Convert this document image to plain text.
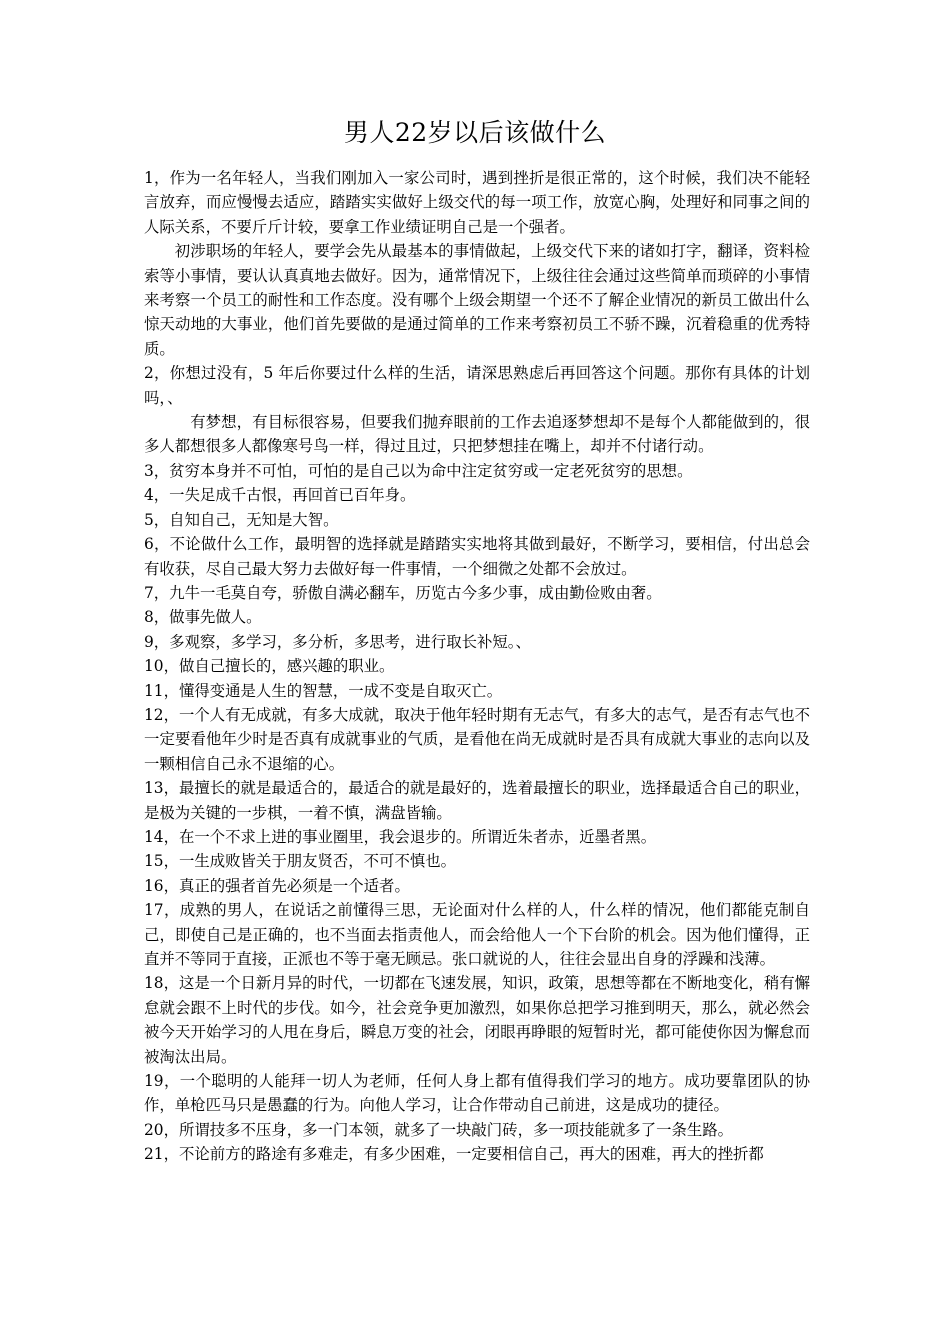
男人22岁以后该做什么

1，作为一名年轻人，当我们刚加入一家公司时，遇到挫折是很正常的，这个时候，我们决不能轻言放弃，而应慢慢去适应，踏踏实实做好上级交代的每一项工作，放宽心胸，处理好和同事之间的人际关系，不要斤斤计较，要拿工作业绩证明自己是一个强者。

初涉职场的年轻人，要学会先从最基本的事情做起，上级交代下来的诸如打字，翻译，资料检索等小事情，要认认真真地去做好。因为，通常情况下，上级往往会通过这些简单而琐碎的小事情来考察一个员工的耐性和工作态度。没有哪个上级会期望一个还不了解企业情况的新员工做出什么惊天动地的大事业，他们首先要做的是通过简单的工作来考察初员工不骄不躁，沉着稳重的优秀特质。

2，你想过没有，5 年后你要过什么样的生活，请深思熟虑后再回答这个问题。那你有具体的计划吗，、

有梦想，有目标很容易，但要我们抛弃眼前的工作去追逐梦想却不是每个人都能做到的，很多人都想很多人都像寒号鸟一样，得过且过，只把梦想挂在嘴上，却并不付诸行动。

3，贫穷本身并不可怕，可怕的是自己以为命中注定贫穷或一定老死贫穷的思想。

4，一失足成千古恨，再回首已百年身。

5，自知自己，无知是大智。

6，不论做什么工作，最明智的选择就是踏踏实实地将其做到最好，不断学习，要相信，付出总会有收获，尽自己最大努力去做好每一件事情，一个细微之处都不会放过。

7，九牛一毛莫自夸，骄傲自满必翻车，历览古今多少事，成由勤俭败由奢。

8，做事先做人。

9，多观察，多学习，多分析，多思考，进行取长补短。、

10，做自己擅长的，感兴趣的职业。

11，懂得变通是人生的智慧，一成不变是自取灭亡。

12，一个人有无成就，有多大成就，取决于他年轻时期有无志气，有多大的志气，是否有志气也不一定要看他年少时是否真有成就事业的气质，是看他在尚无成就时是否具有成就大事业的志向以及一颗相信自己永不退缩的心。

13，最擅长的就是最适合的，最适合的就是最好的，选着最擅长的职业，选择最适合自己的职业，是极为关键的一步棋，一着不慎，满盘皆输。

14，在一个不求上进的事业圈里，我会退步的。所谓近朱者赤，近墨者黑。

15，一生成败皆关于朋友贤否，不可不慎也。

16，真正的强者首先必须是一个适者。

17，成熟的男人，在说话之前懂得三思，无论面对什么样的人，什么样的情况，他们都能克制自己，即使自己是正确的，也不当面去指责他人，而会给他人一个下台阶的机会。因为他们懂得，正直并不等同于直接，正派也不等于毫无顾忌。张口就说的人，往往会显出自身的浮躁和浅薄。

18，这是一个日新月异的时代，一切都在飞速发展，知识，政策，思想等都在不断地变化，稍有懈怠就会跟不上时代的步伐。如今，社会竞争更加激烈，如果你总把学习推到明天，那么，就必然会被今天开始学习的人甩在身后，瞬息万变的社会，闭眼再睁眼的短暂时光，都可能使你因为懈怠而被淘汰出局。

19，一个聪明的人能拜一切人为老师，任何人身上都有值得我们学习的地方。成功要靠团队的协作，单枪匹马只是愚蠢的行为。向他人学习，让合作带动自己前进，这是成功的捷径。

20，所谓技多不压身，多一门本领，就多了一块敲门砖，多一项技能就多了一条生路。

21，不论前方的路途有多难走，有多少困难，一定要相信自己，再大的困难，再大的挫折都
